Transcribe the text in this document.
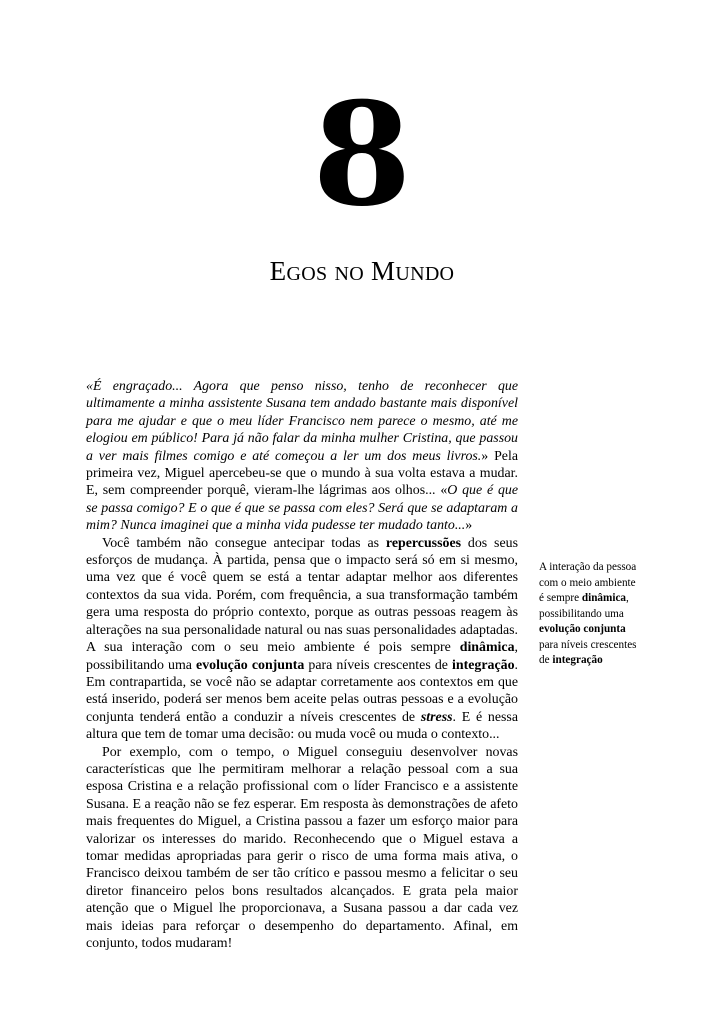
8
EGOS NO MUNDO

«É engraçado... Agora que penso nisso, tenho de reconhecer que ultimamente a minha assistente Susana tem andado bastante mais disponível para me ajudar e que o meu líder Francisco nem parece o mesmo, até me elogiou em público! Para já não falar da minha mulher Cristina, que passou a ver mais filmes comigo e até começou a ler um dos meus livros.» Pela primeira vez, Miguel apercebeu-se que o mundo à sua volta estava a mudar. E, sem compreender porquê, vieram-lhe lágrimas aos olhos... «O que é que se passa comigo? E o que é que se passa com eles? Será que se adaptaram a mim? Nunca imaginei que a minha vida pudesse ter mudado tanto...»

Você também não consegue antecipar todas as repercussões dos seus esforços de mudança. À partida, pensa que o impacto será só em si mesmo, uma vez que é você quem se está a tentar adaptar melhor aos diferentes contextos da sua vida. Porém, com frequência, a sua transformação também gera uma resposta do próprio contexto, porque as outras pessoas reagem às alterações na sua personalidade natural ou nas suas personalidades adaptadas. A sua interação com o seu meio ambiente é pois sempre dinâmica, possibilitando uma evolução conjunta para níveis crescentes de integração. Em contrapartida, se você não se adaptar corretamente aos contextos em que está inserido, poderá ser menos bem aceite pelas outras pessoas e a evolução conjunta tenderá então a conduzir a níveis crescentes de stress. E é nessa altura que tem de tomar uma decisão: ou muda você ou muda o contexto...

Por exemplo, com o tempo, o Miguel conseguiu desenvolver novas características que lhe permitiram melhorar a relação pessoal com a sua esposa Cristina e a relação profissional com o líder Francisco e a assistente Susana. E a reação não se fez esperar. Em resposta às demonstrações de afeto mais frequentes do Miguel, a Cristina passou a fazer um esforço maior para valorizar os interesses do marido. Reconhecendo que o Miguel estava a tomar medidas apropriadas para gerir o risco de uma forma mais ativa, o Francisco deixou também de ser tão crítico e passou mesmo a felicitar o seu diretor financeiro pelos bons resultados alcançados. E grata pela maior atenção que o Miguel lhe proporcionava, a Susana passou a dar cada vez mais ideias para reforçar o desempenho do departamento. Afinal, em conjunto, todos mudaram!

A interação da pessoa com o meio ambiente é sempre dinâmica, possibilitando uma evolução conjunta para níveis crescentes de integração
